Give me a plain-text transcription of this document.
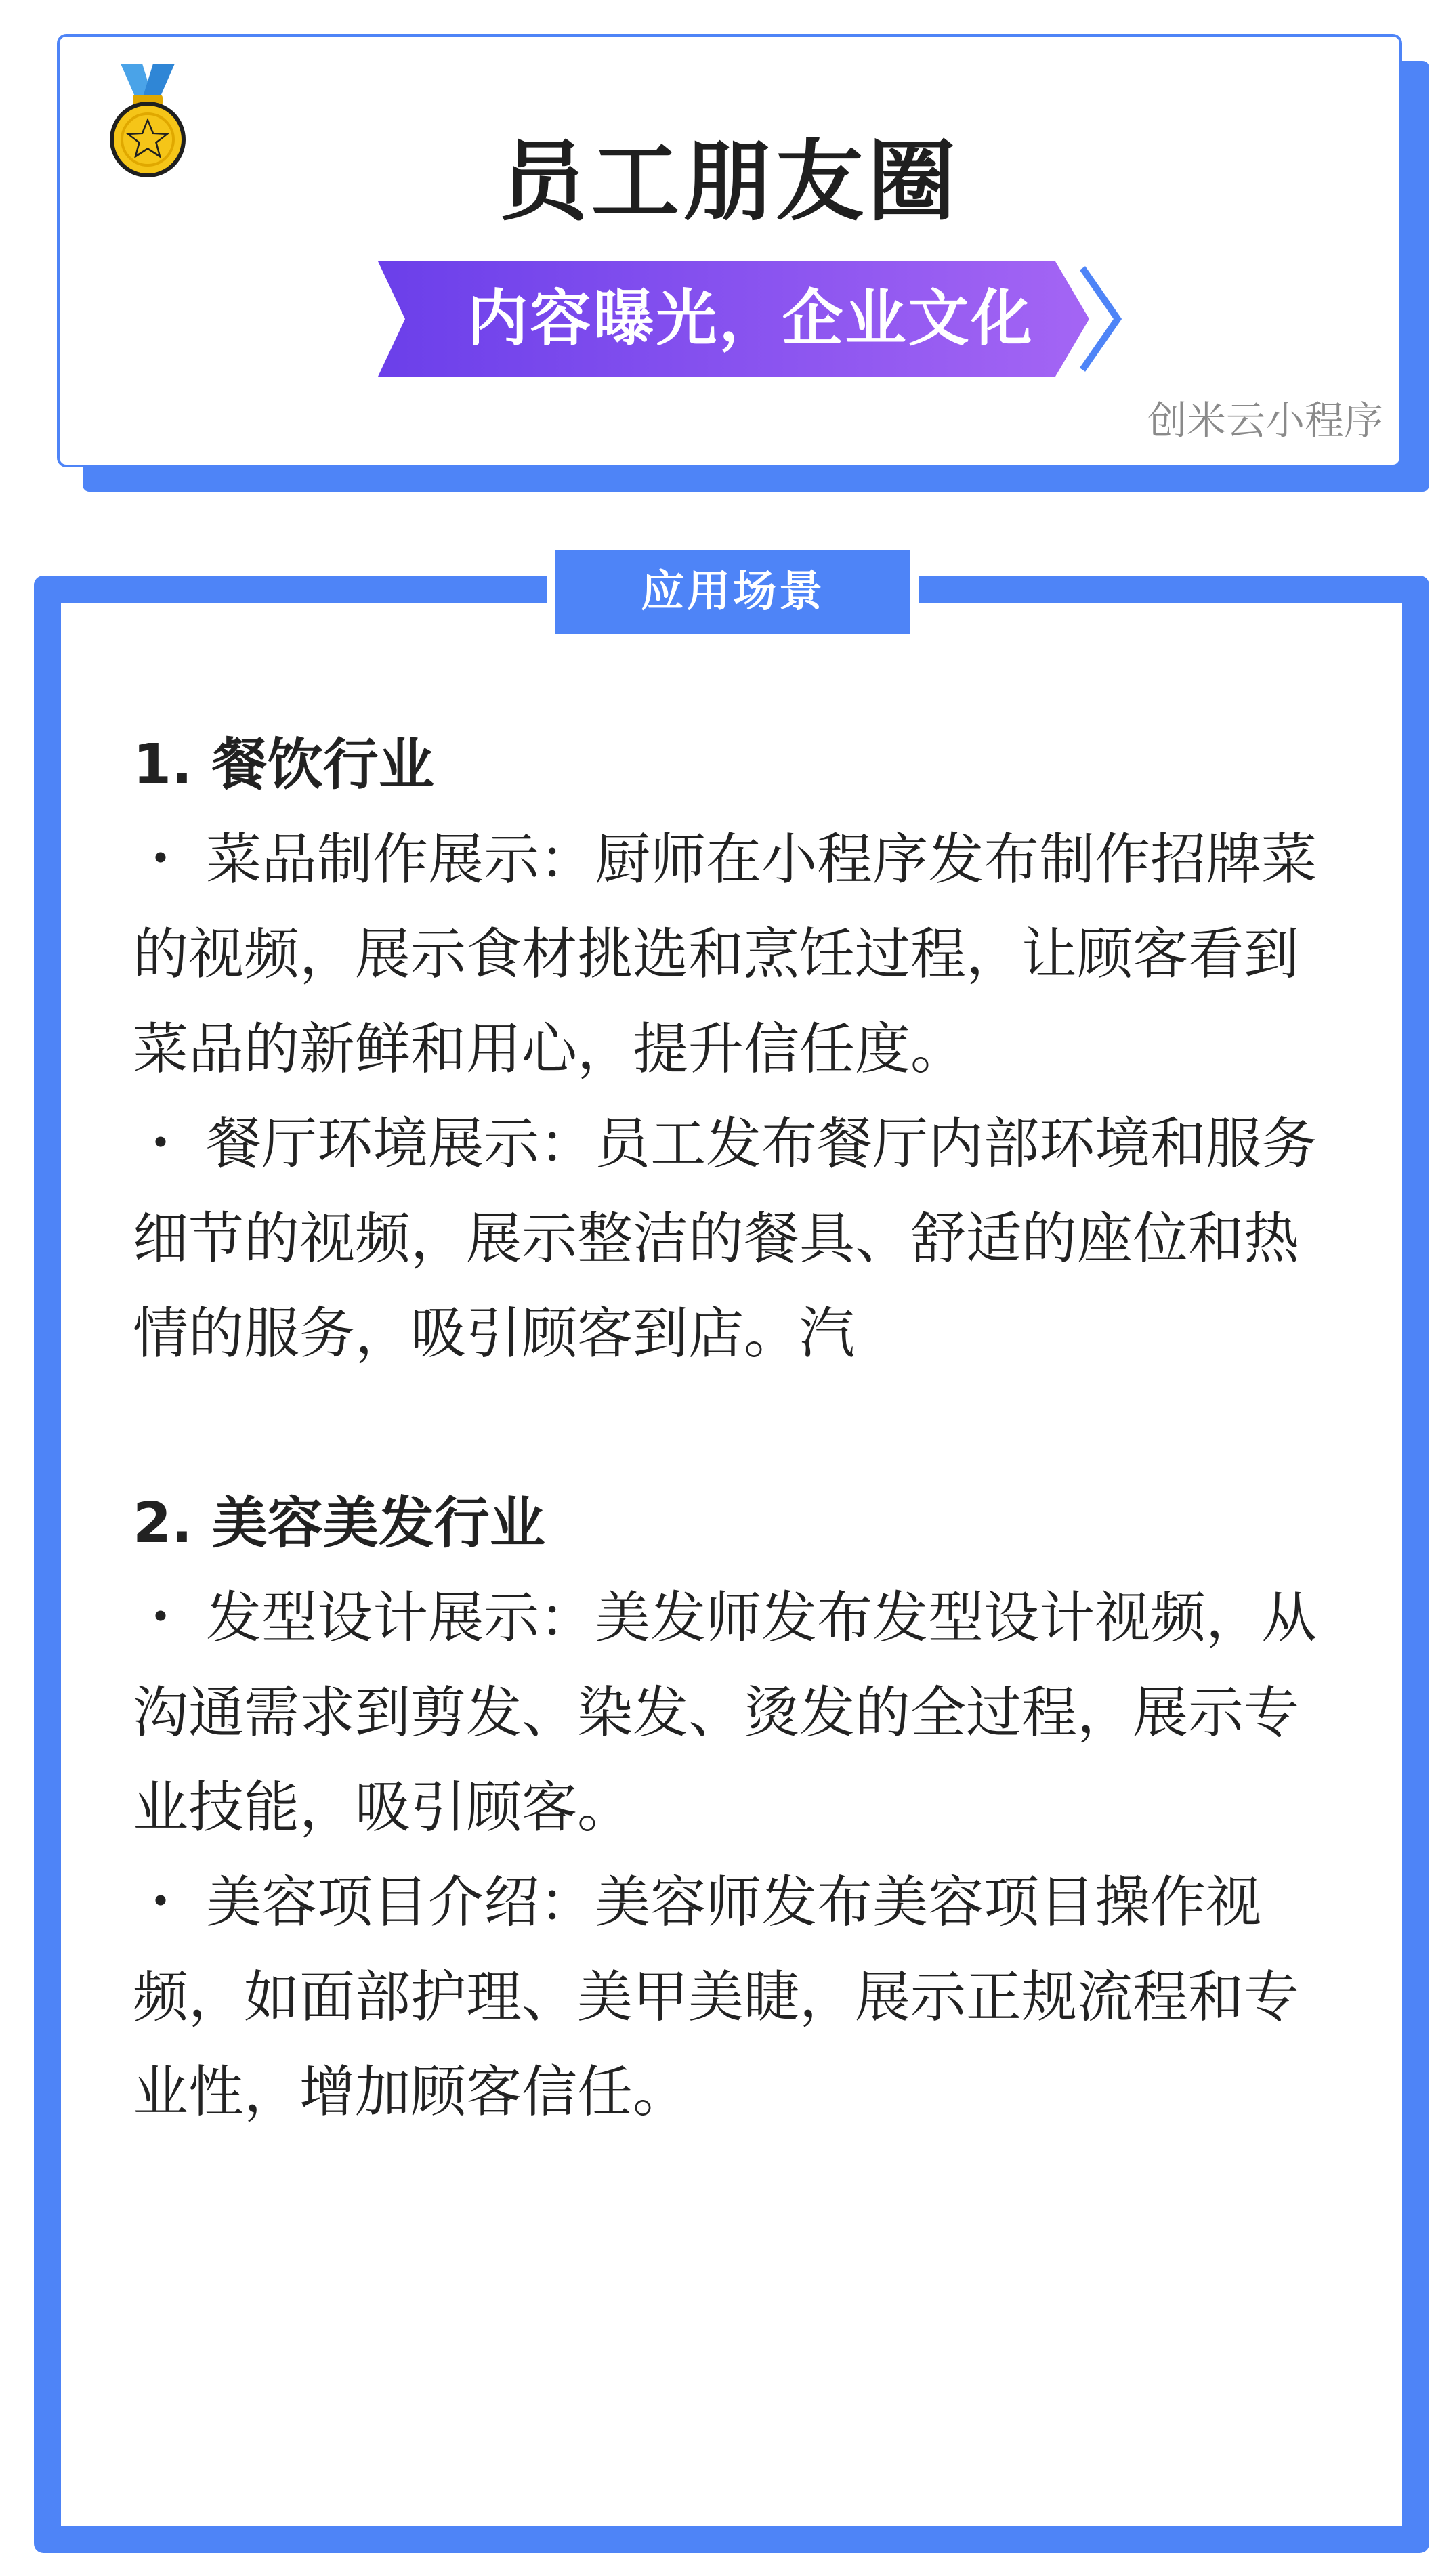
员工朋友圈
内容曝光，企业文化
创米云小程序
应用场景
1. 餐饮行业
・ 菜品制作展示：厨师在小程序发布制作招牌菜的视频，展示食材挑选和烹饪过程，让顾客看到菜品的新鲜和用心，提升信任度。
・ 餐厅环境展示：员工发布餐厅内部环境和服务细节的视频，展示整洁的餐具、舒适的座位和热情的服务，吸引顾客到店。汽
2. 美容美发行业
・ 发型设计展示：美发师发布发型设计视频，从沟通需求到剪发、染发、烫发的全过程，展示专业技能，吸引顾客。
・ 美容项目介绍：美容师发布美容项目操作视频，如面部护理、美甲美睫，展示正规流程和专业性，增加顾客信任。
